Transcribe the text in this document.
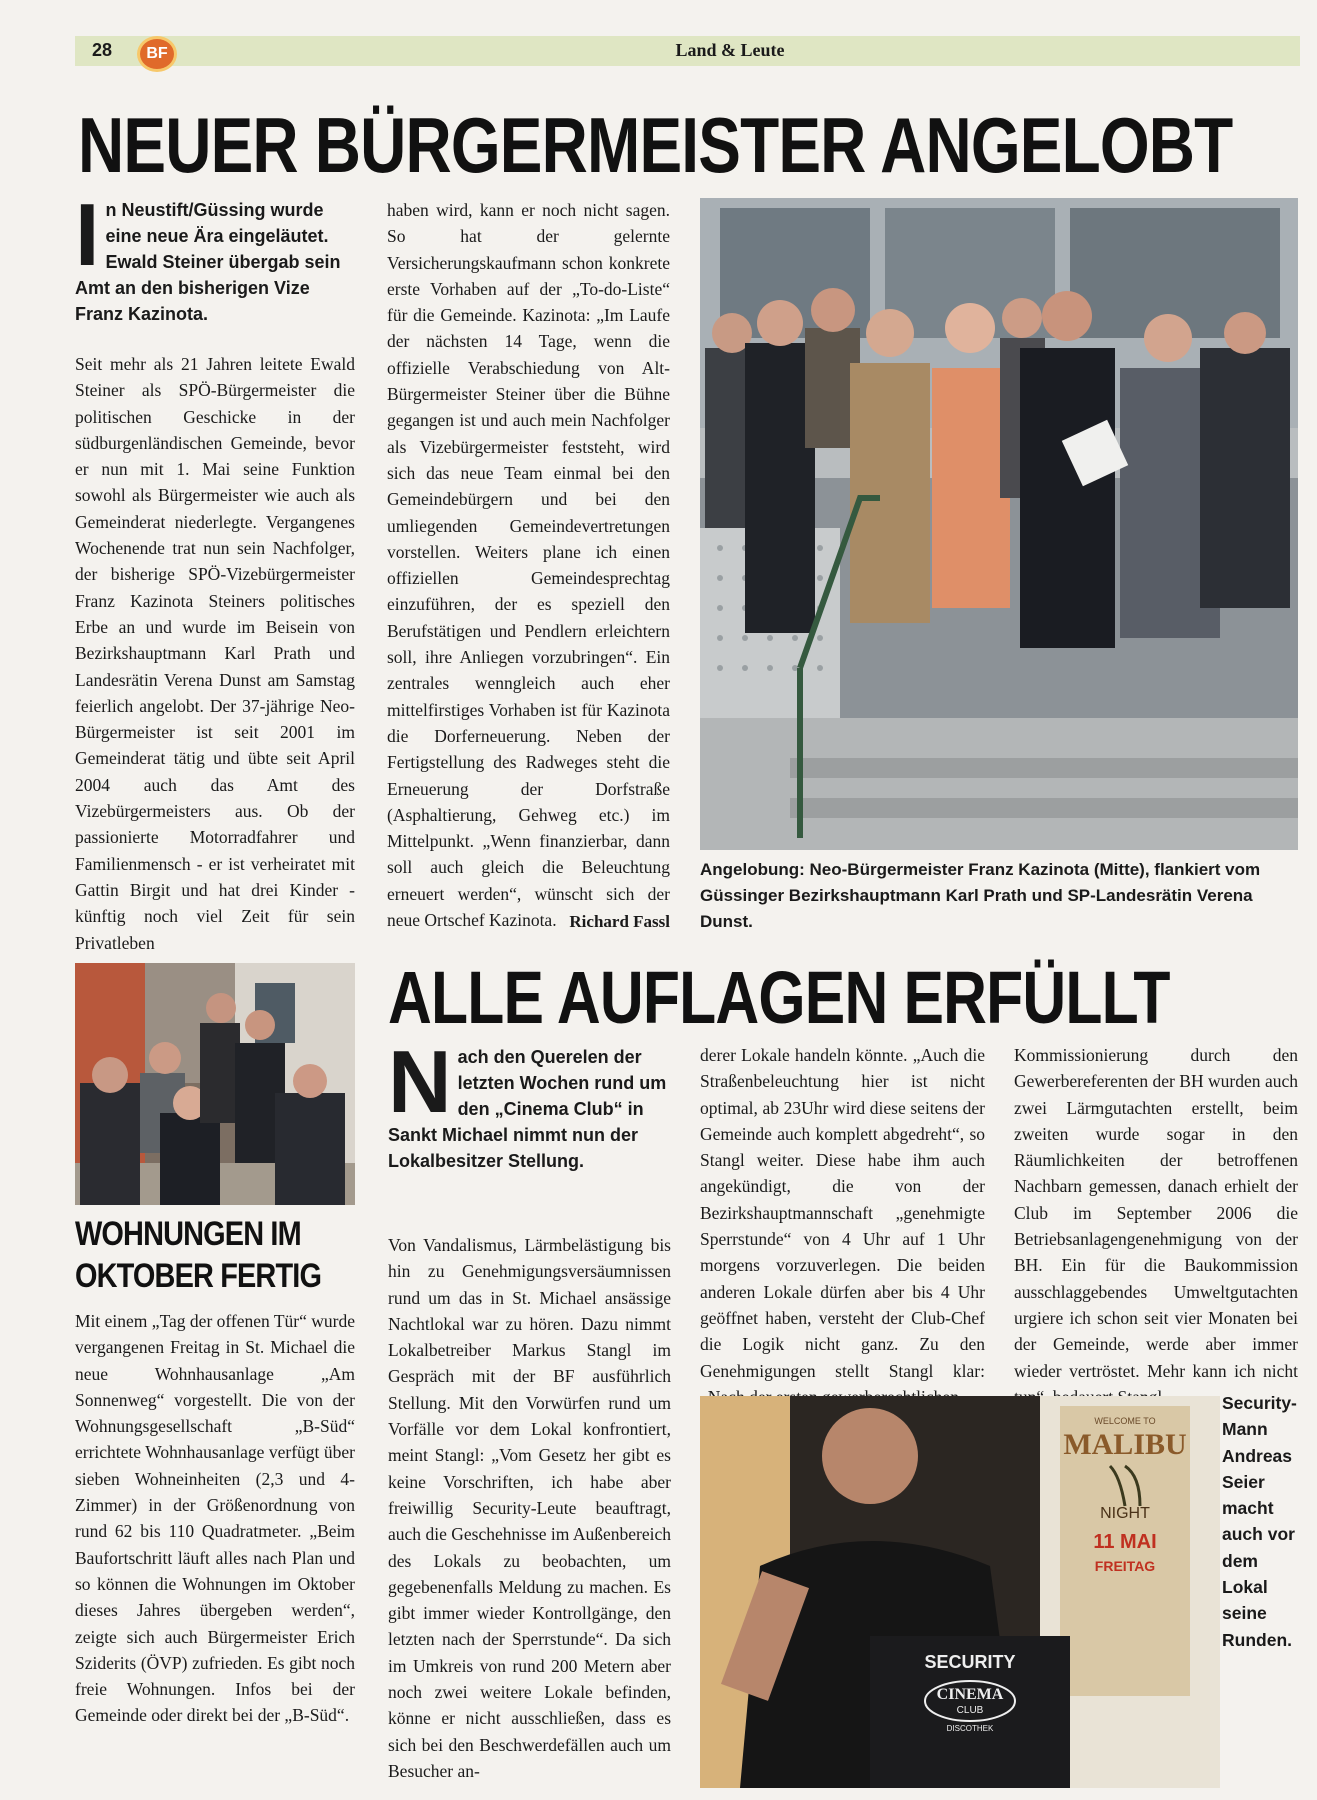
28	BF	Land & Leute
NEUER BÜRGERMEISTER ANGELOBT
I n Neustift/Güssing wurde eine neue Ära eingeläutet. Ewald Steiner übergab sein Amt an den bisherigen Vize Franz Kazinota.
Seit mehr als 21 Jahren leitete Ewald Steiner als SPÖ-Bürgermeister die politischen Geschicke in der südburgenländischen Gemeinde, bevor er nun mit 1. Mai seine Funktion sowohl als Bürgermeister wie auch als Gemeinderat niederlegte. Vergangenes Wochenende trat nun sein Nachfolger, der bisherige SPÖ-Vizebürgermeister Franz Kazinota Steiners politisches Erbe an und wurde im Beisein von Bezirkshauptmann Karl Prath und Landesrätin Verena Dunst am Samstag feierlich angelobt. Der 37-jährige Neo-Bürgermeister ist seit 2001 im Gemeinderat tätig und übte seit April 2004 auch das Amt des Vizebürgermeisters aus. Ob der passionierte Motorradfahrer und Familienmensch - er ist verheiratet mit Gattin Birgit und hat drei Kinder - künftig noch viel Zeit für sein Privatleben
haben wird, kann er noch nicht sagen. So hat der gelernte Versicherungskaufmann schon konkrete erste Vorhaben auf der „To-do-Liste“ für die Gemeinde. Kazinota: „Im Laufe der nächsten 14 Tage, wenn die offizielle Verabschiedung von Alt-Bürgermeister Steiner über die Bühne gegangen ist und auch mein Nachfolger als Vizebürgermeister feststeht, wird sich das neue Team einmal bei den Gemeindebürgern und bei den umliegenden Gemeindevertretungen vorstellen. Weiters plane ich einen offiziellen Gemeindesprechtag einzuführen, der es speziell den Berufstätigen und Pendlern erleichtern soll, ihre Anliegen vorzubringen“. Ein zentrales wenngleich auch eher mittelfirstiges Vorhaben ist für Kazinota die Dorferneuerung. Neben der Fertigstellung des Radweges steht die Erneuerung der Dorfstraße (Asphaltierung, Gehweg etc.) im Mittelpunkt. „Wenn finanzierbar, dann soll auch gleich die Beleuchtung erneuert werden“, wünscht sich der neue Ortschef Kazinota. Richard Fassl
Angelobung: Neo-Bürgermeister Franz Kazinota (Mitte), flankiert vom Güssinger Bezirkshauptmann Karl Prath und SP-Landesrätin Verena Dunst.
WOHNUNGEN IM OKTOBER FERTIG
Mit einem „Tag der offenen Tür“ wurde vergangenen Freitag in St. Michael die neue Wohnhausanlage „Am Sonnenweg“ vorgestellt. Die von der Wohnungsgesellschaft „B-Süd“ errichtete Wohnhausanlage verfügt über sieben Wohneinheiten (2,3 und 4-Zimmer) in der Größenordnung von rund 62 bis 110 Quadratmeter. „Beim Baufortschritt läuft alles nach Plan und so können die Wohnungen im Oktober dieses Jahres übergeben werden“, zeigte sich auch Bürgermeister Erich Sziderits (ÖVP) zufrieden. Es gibt noch freie Wohnungen. Infos bei der Gemeinde oder direkt bei der „B-Süd“.
ALLE AUFLAGEN ERFÜLLT
N ach den Querelen der letzten Wochen rund um den „Cinema Club“ in Sankt Michael nimmt nun der Lokalbesitzer Stellung.
Von Vandalismus, Lärmbelästigung bis hin zu Genehmigungsversäumnissen rund um das in St. Michael ansässige Nachtlokal war zu hören. Dazu nimmt Lokalbetreiber Markus Stangl im Gespräch mit der BF ausführlich Stellung. Mit den Vorwürfen rund um Vorfälle vor dem Lokal konfrontiert, meint Stangl: „Vom Gesetz her gibt es keine Vorschriften, ich habe aber freiwillig Security-Leute beauftragt, auch die Geschehnisse im Außenbereich des Lokals zu beobachten, um gegebenenfalls Meldung zu machen. Es gibt immer wieder Kontrollgänge, den letzten nach der Sperrstunde“. Da sich im Umkreis von rund 200 Metern aber noch zwei weitere Lokale befinden, könne er nicht ausschließen, dass es sich bei den Beschwerdefällen auch um Besucher an-
derer Lokale handeln könnte. „Auch die Straßenbeleuchtung hier ist nicht optimal, ab 23Uhr wird diese seitens der Gemeinde auch komplett abgedreht“, so Stangl weiter. Diese habe ihm auch angekündigt, die von der Bezirkshauptmannschaft „genehmigte Sperrstunde“ von 4 Uhr auf 1 Uhr morgens vorzuverlegen. Die beiden anderen Lokale dürfen aber bis 4 Uhr geöffnet haben, versteht der Club-Chef die Logik nicht ganz. Zu den Genehmigungen stellt Stangl klar:
Kommissionierung durch den Gewerbereferenten der BH wurden auch zwei Lärmgutachten erstellt, beim zweiten wurde sogar in den Räumlichkeiten der betroffenen Nachbarn gemessen, danach erhielt der Club im September 2006 die Betriebsanlagengenehmigung von der BH. Ein für die Baukommission ausschlaggebendes Umweltgutachten urgiere ich schon seit vier Monaten bei der Gemeinde, werde aber immer wieder vertröstet. Mehr kann ich nicht
WELCOME TO
MALIBU
NIGHT
11 MAI
FREITAG
SECURITY
CINEMA
CLUB
DISCOTHEK
Security-Mann Andreas Seier macht auch vor dem Lokal seine Runden.
